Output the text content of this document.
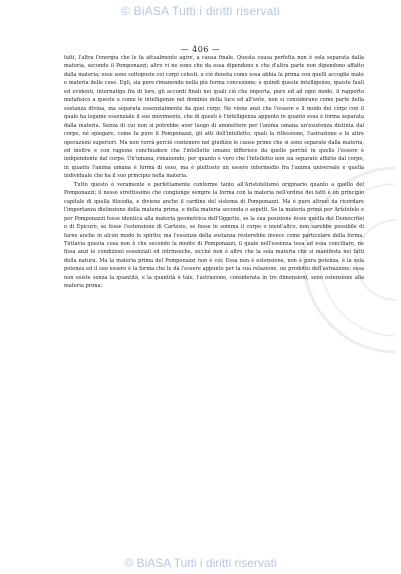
© BiASA Tutti i diritti riservati
— 406 —

fatti, l'altra l'energia che le fa attualmente agire, a causa finale. Questa causa perfetta non è sola separata dalla materia, secondo il Pomponazzi; altro vi ne sono che da essa dipendono e che d'altra parte non dipendono affatto dalla materia; esse sono sottoposte coi corpi celesti, e ciò denota come essa abbia la prima con quelli accoglie mate e materia delle cose. Egli, sia pure rimanendo nella più ferma concezione; e quindi queste intelligenze, queste fauli ed evidenti, internatigo fra di loro, gli accordi finali nei quali ciò che importa, pure ed ad ogni modo, il rapporto metafisico a queste e come le intelligenze nel dominio della luce ed all'ente, non si considerano come parte della sostanza divina, ma separata essenzialmente da quei corpi. Ne viene anzi che l'essere e il modo dei corpi con il quale ha legame essenziale il suo movimento, che di questi è l'intelligenza appunto in quanto essa è forma separata dalla materia. Senza di cui non si potrebbe aver luogo di ammettere per l'anima umana un'esistenza distinta dal corpo, né spiegare, come fa pure il Pomponazzi, gli atti dell'intelletto, quali la riflessione, l'astrazione e le altre operazioni superiori. Ma non vorrà perciò contenere nel giudizio le cause prime che si sono separate dalla materia, ed inoltre e con ragione conchiudere che l'intelletto umano differisce da quelle perché in quelle l'essere è indipendente dal corpo. Un'umana, rimanendo, per quanto è vero che l'intelletto non sia separato affatto dal corpo, in quanto l'anima umana è forma di esso, ma è piuttosto un essere intermedio fra l'anima universale e quella individuale che ha il suo principio nella materia.

Tutto questo è veramente e perfettamente conforme tanto all'Aristotelismo originario quanto a quello del Pomponazzi; il nesso strettissimo che congiunge sempre la forma con la materia nell'ordine dei fatti è un principio capitale di quella filosofia, e diviene anche il cardine del sistema di Pomponazzi. Ma è pure altresì da ricordare l'importanza distinzione della materia prima, e della materia seconda o aspetti. Se la materia prima per Aristotele e per Pomponazzi fosse identica alla materia geometrica dell'Oggetto, se la sua posizione fosse quella dei Democritei o di Epicuro, se fosse l'estensione di Cartesio, se fosse in somma il corpo o nient'altro, non sarebbe possibile di farne anche in alcun modo lo spirito; ma l'essenza della sostanza resterebbe invece come particolare della forma. Tuttavia questa cosa non è che secondo la mente di Pomponazzi, il quale nell'essenza tesa ad essa conciliare, ne fissa anzi le condizioni essenziali ed intrinseche, sicché non è altro che la sola materia che si manifesta nei fatti della natura. Ma la materia prima del Pomponazzi non è ciò; Essa non è estensione, non è pura potenza, è la sola potenza ed il suo essere è la forma che le dà l'essere appunto per la sua relazione, un prodotto dell'astrazione; essa non esiste senza la quantità, e la quantità è tale, l'astrazione, considerata in tre dimensioni, sono estensione alla materia prima;

© BiASA Tutti i diritti riservati
